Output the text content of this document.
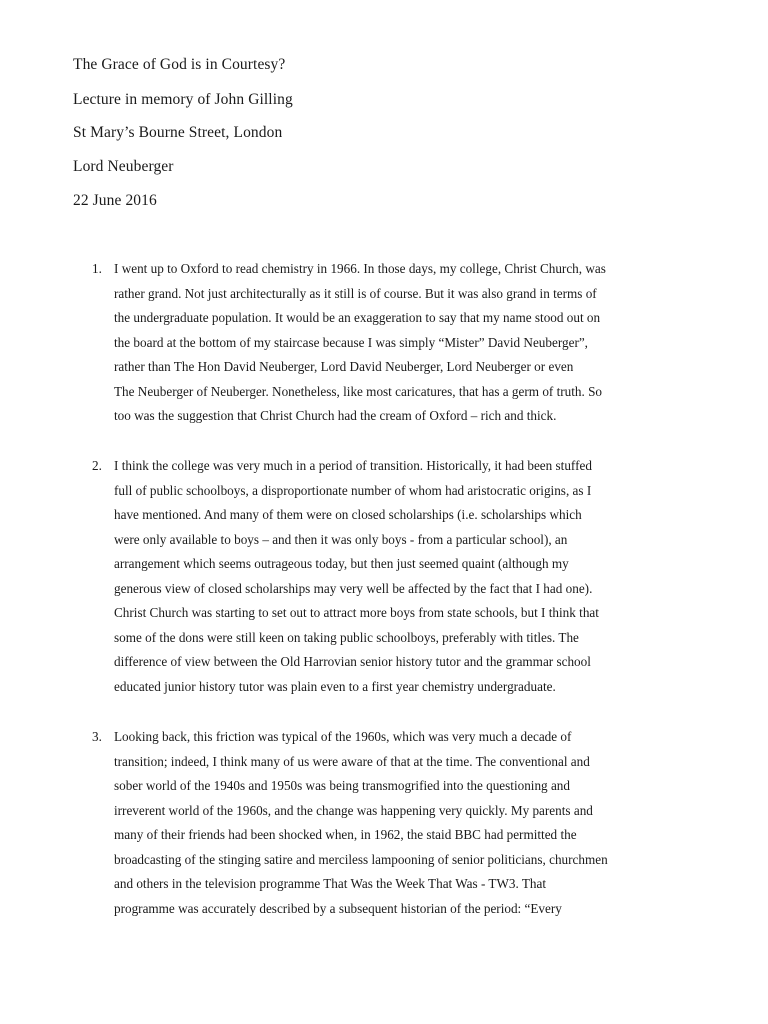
The Grace of God is in Courtesy?
Lecture in memory of John Gilling
St Mary’s Bourne Street, London
Lord Neuberger
22 June 2016
1. I went up to Oxford to read chemistry in 1966. In those days, my college, Christ Church, was
rather grand. Not just architecturally as it still is of course. But it was also grand in terms of
the undergraduate population. It would be an exaggeration to say that my name stood out on
the board at the bottom of my staircase because I was simply “Mister” David Neuberger”,
rather than The Hon David Neuberger, Lord David Neuberger, Lord Neuberger or even
The Neuberger of Neuberger. Nonetheless, like most caricatures, that has a germ of truth. So
too was the suggestion that Christ Church had the cream of Oxford – rich and thick.
2. I think the college was very much in a period of transition. Historically, it had been stuffed
full of public schoolboys, a disproportionate number of whom had aristocratic origins, as I
have mentioned. And many of them were on closed scholarships (i.e. scholarships which
were only available to boys – and then it was only boys - from a particular school), an
arrangement which seems outrageous today, but then just seemed quaint (although my
generous view of closed scholarships may very well be affected by the fact that I had one).
Christ Church was starting to set out to attract more boys from state schools, but I think that
some of the dons were still keen on taking public schoolboys, preferably with titles. The
difference of view between the Old Harrovian senior history tutor and the grammar school
educated junior history tutor was plain even to a first year chemistry undergraduate.
3. Looking back, this friction was typical of the 1960s, which was very much a decade of
transition; indeed, I think many of us were aware of that at the time. The conventional and
sober world of the 1940s and 1950s was being transmogrified into the questioning and
irreverent world of the 1960s, and the change was happening very quickly. My parents and
many of their friends had been shocked when, in 1962, the staid BBC had permitted the
broadcasting of the stinging satire and merciless lampooning of senior politicians, churchmen
and others in the television programme That Was the Week That Was - TW3. That
programme was accurately described by a subsequent historian of the period: “Every
